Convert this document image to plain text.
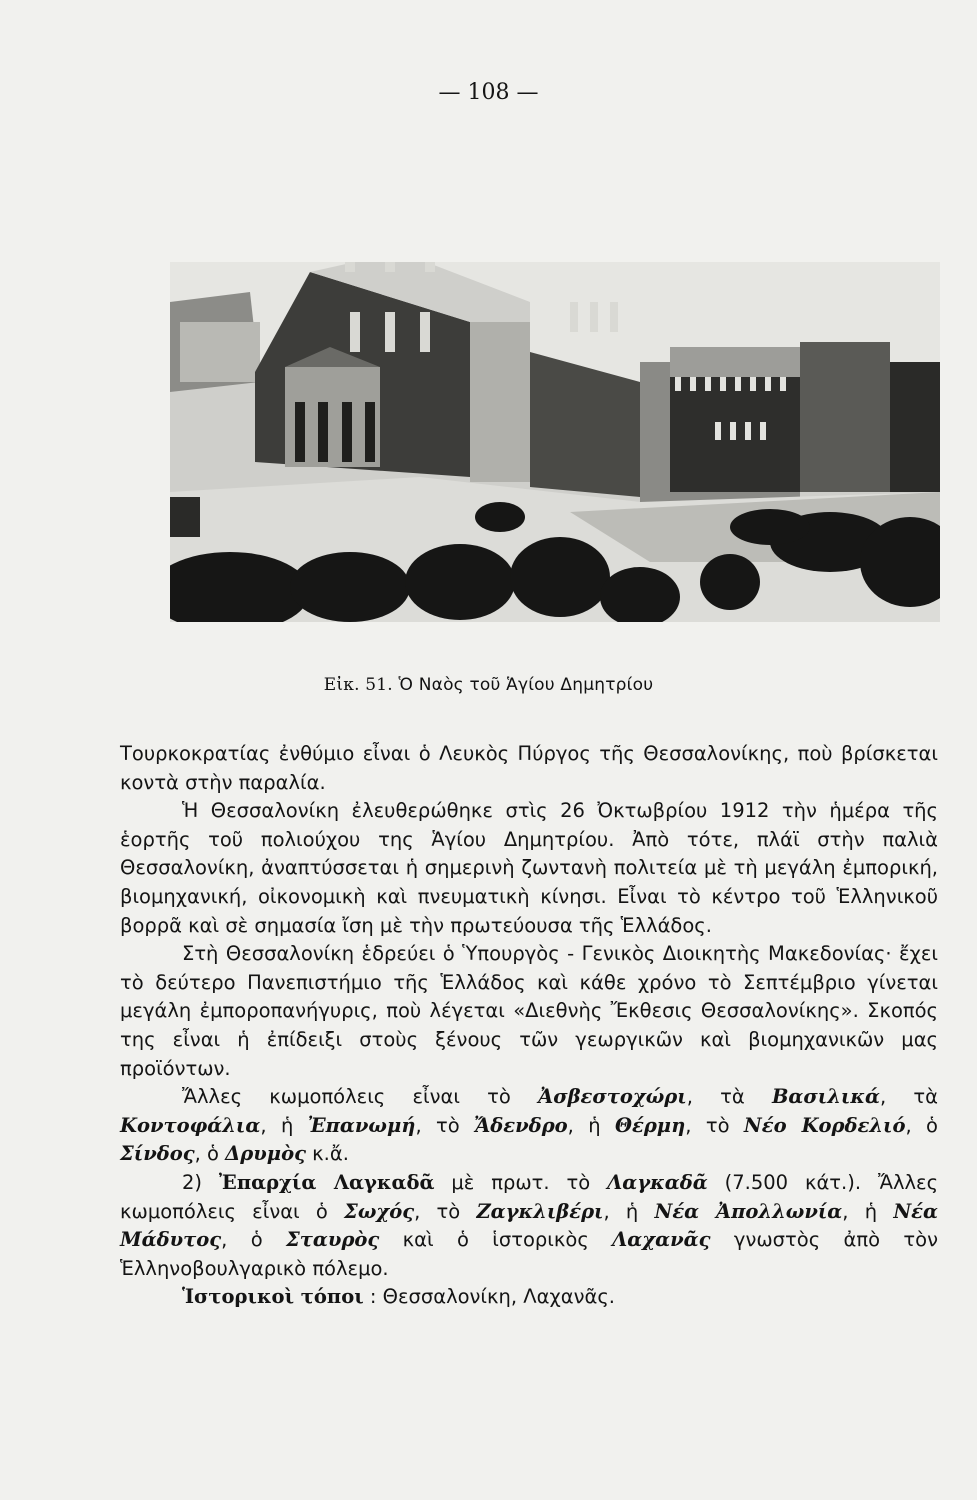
— 108 —
Εἰκ. 51. Ὁ Ναὸς τοῦ Ἁγίου Δημητρίου

Τουρκοκρατίας ἐνθύμιο εἶναι ὁ Λευκὸς Πύργος τῆς Θεσσαλονίκης, ποὺ βρίσκεται κοντὰ στὴν παραλία.

Ἡ Θεσσαλονίκη ἐλευθερώθηκε στὶς 26 Ὀκτωβρίου 1912 τὴν ἡμέρα τῆς ἑορτῆς τοῦ πολιούχου της Ἁγίου Δημητρίου. Ἀπὸ τότε, πλάϊ στὴν παλιὰ Θεσσαλονίκη, ἀναπτύσσεται ἡ σημερινὴ ζωντανὴ πολιτεία μὲ τὴ μεγάλη ἐμπορική, βιομηχανική, οἰκονομικὴ καὶ πνευματικὴ κίνησι. Εἶναι τὸ κέντρο τοῦ Ἑλληνικοῦ βορρᾶ καὶ σὲ σημασία ἴση μὲ τὴν πρωτεύουσα τῆς Ἑλλάδος.

Στὴ Θεσσαλονίκη ἑδρεύει ὁ Ὑπουργὸς - Γενικὸς Διοικητὴς Μακεδονίας· ἔχει τὸ δεύτερο Πανεπιστήμιο τῆς Ἑλλάδος καὶ κάθε χρόνο τὸ Σεπτέμβριο γίνεται μεγάλη ἐμποροπανήγυρις, ποὺ λέγεται «Διεθνὴς Ἔκθεσις Θεσσαλονίκης». Σκοπός της εἶναι ἡ ἐπίδειξι στοὺς ξένους τῶν γεωργικῶν καὶ βιομηχανικῶν μας προϊόντων.

Ἄλλες κωμοπόλεις εἶναι τὸ Ἀσβεστοχώρι, τὰ Βασιλικά, τὰ Κοντοφάλια, ἡ Ἐπανωμή, τὸ Ἄδενδρο, ἡ Θέρμη, τὸ Νέο Κορδελιό, ὁ Σίνδος, ὁ Δρυμὸς κ.ἄ.

2) Ἐπαρχία Λαγκαδᾶ μὲ πρωτ. τὸ Λαγκαδᾶ (7.500 κάτ.). Ἄλλες κωμοπόλεις εἶναι ὁ Σωχός, τὸ Ζαγκλιβέρι, ἡ Νέα Ἀπολλωνία, ἡ Νέα Μάδυτος, ὁ Σταυρὸς καὶ ὁ ἱστορικὸς Λαχανᾶς γνωστὸς ἀπὸ τὸν Ἑλληνοβουλγαρικὸ πόλεμο.

Ἱστορικοὶ τόποι : Θεσσαλονίκη, Λαχανᾶς.
